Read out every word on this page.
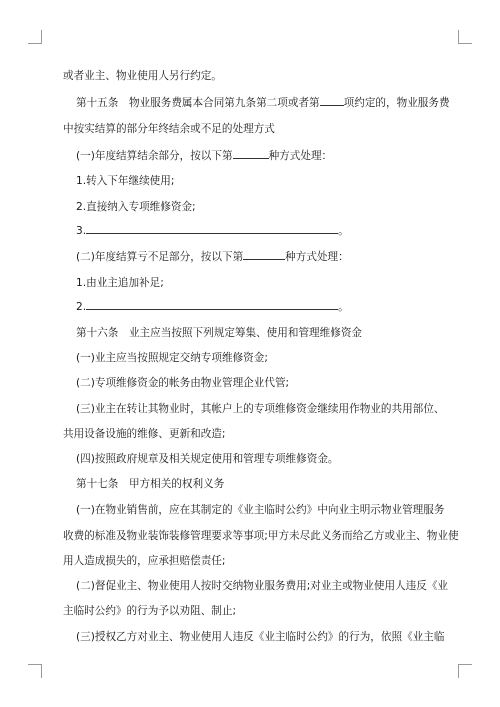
或者业主、物业使用人另行约定。
第十五条　物业服务费属本合同第九条第二项或者第 项约定的，物业服务费
中按实结算的部分年终结余或不足的处理方式
(一)年度结算结余部分，按以下第	种方式处理：
1.转入下年继续使用;
2.直接纳入专项维修资金;
3.	。
(二)年度结算亏不足部分，按以下第	种方式处理：
1.由业主追加补足;
2.	。
第十六条　业主应当按照下列规定筹集、使用和管理维修资金
(一)业主应当按照规定交纳专项维修资金;
(二)专项维修资金的帐务由物业管理企业代管;
(三)业主在转让其物业时，其帐户上的专项维修资金继续用作物业的共用部位、
共用设备设施的维修、更新和改造;
(四)按照政府规章及相关规定使用和管理专项维修资金。
第十七条　甲方相关的权利义务
(一)在物业销售前，应在其制定的《业主临时公约》中向业主明示物业管理服务
收费的标准及物业装饰装修管理要求等事项;甲方未尽此义务而给乙方或业主、物业使
用人造成损失的，应承担赔偿责任;
(二)督促业主、物业使用人按时交纳物业服务费用;对业主或物业使用人违反《业
主临时公约》的行为予以劝阻、制止;
(三)授权乙方对业主、物业使用人违反《业主临时公约》的行为，依照《业主临
